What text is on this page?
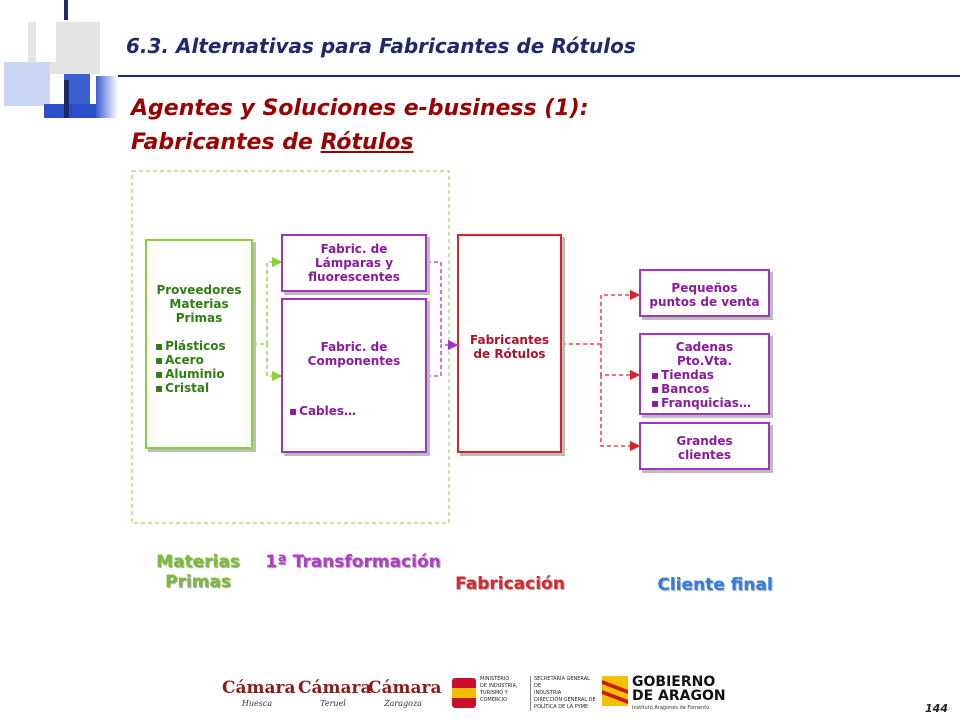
6.3. Alternativas para Fabricantes de Rótulos
Agentes y Soluciones e-business (1):
Fabricantes de Rótulos
Proveedores
Materias
Primas
▪ Plásticos
▪ Acero
▪ Aluminio
▪ Cristal
Fabric. de
Lámparas y
fluorescentes
Fabric. de
Componentes
▪ Cables…
Fabricantes
de Rótulos
Pequeños
puntos de venta
Cadenas
Pto.Vta.
▪ Tiendas
▪ Bancos
▪ Franquicias…
Grandes
clientes
Materias
Primas
1ª Transformación
Fabricación	Cliente final
Cámara
Huesca
Cámara
Teruel
Cámara
Zaragoza
MINISTERIO
DE INDUSTRIA,
TURISMO Y
COMERCIO
SECRETARÍA GENERAL DE
INDUSTRIA
DIRECCIÓN GENERAL DE
POLÍTICA DE LA PYME
GOBIERNO
DE ARAGON
Instituto Aragonés de Fomento	144
